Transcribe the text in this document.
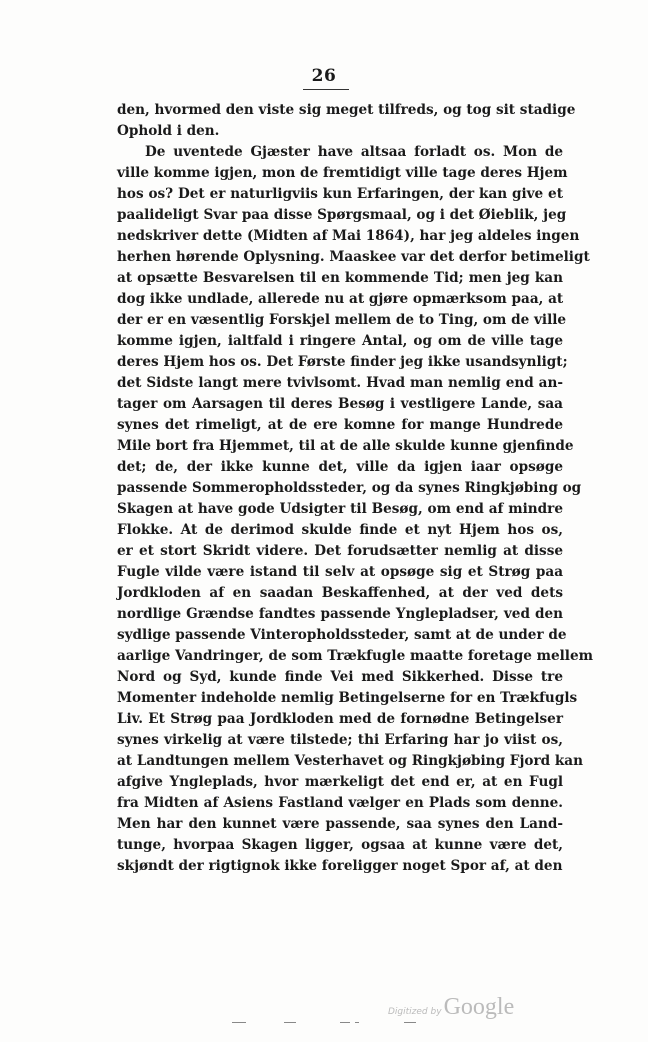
26
den, hvormed den viste sig meget tilfreds, og tog sit stadige
Ophold i den.
De uventede Gjæster have altsaa forladt os. Mon de
ville komme igjen, mon de fremtidigt ville tage deres Hjem
hos os? Det er naturligviis kun Erfaringen, der kan give et
paalideligt Svar paa disse Spørgsmaal, og i det Øieblik, jeg
nedskriver dette (Midten af Mai 1864), har jeg aldeles ingen
herhen hørende Oplysning. Maaskee var det derfor betimeligt
at opsætte Besvarelsen til en kommende Tid; men jeg kan
dog ikke undlade, allerede nu at gjøre opmærksom paa, at
der er en væsentlig Forskjel mellem de to Ting, om de ville
komme igjen, ialtfald i ringere Antal, og om de ville tage
deres Hjem hos os. Det Første finder jeg ikke usandsynligt;
det Sidste langt mere tvivlsomt. Hvad man nemlig end an-
tager om Aarsagen til deres Besøg i vestligere Lande, saa
synes det rimeligt, at de ere komne for mange Hundrede
Mile bort fra Hjemmet, til at de alle skulde kunne gjenfinde
det; de, der ikke kunne det, ville da igjen iaar opsøge
passende Sommeropholdssteder, og da synes Ringkjøbing og
Skagen at have gode Udsigter til Besøg, om end af mindre
Flokke. At de derimod skulde finde et nyt Hjem hos os,
er et stort Skridt videre. Det forudsætter nemlig at disse
Fugle vilde være istand til selv at opsøge sig et Strøg paa
Jordkloden af en saadan Beskaffenhed, at der ved dets
nordlige Grændse fandtes passende Ynglepladser, ved den
sydlige passende Vinteropholdssteder, samt at de under de
aarlige Vandringer, de som Trækfugle maatte foretage mellem
Nord og Syd, kunde finde Vei med Sikkerhed. Disse tre
Momenter indeholde nemlig Betingelserne for en Trækfugls
Liv. Et Strøg paa Jordkloden med de fornødne Betingelser
synes virkelig at være tilstede; thi Erfaring har jo viist os,
at Landtungen mellem Vesterhavet og Ringkjøbing Fjord kan
afgive Yngleplads, hvor mærkeligt det end er, at en Fugl
fra Midten af Asiens Fastland vælger en Plads som denne.
Men har den kunnet være passende, saa synes den Land-
tunge, hvorpaa Skagen ligger, ogsaa at kunne være det,
skjøndt der rigtignok ikke foreligger noget Spor af, at den
Digitized by Google
